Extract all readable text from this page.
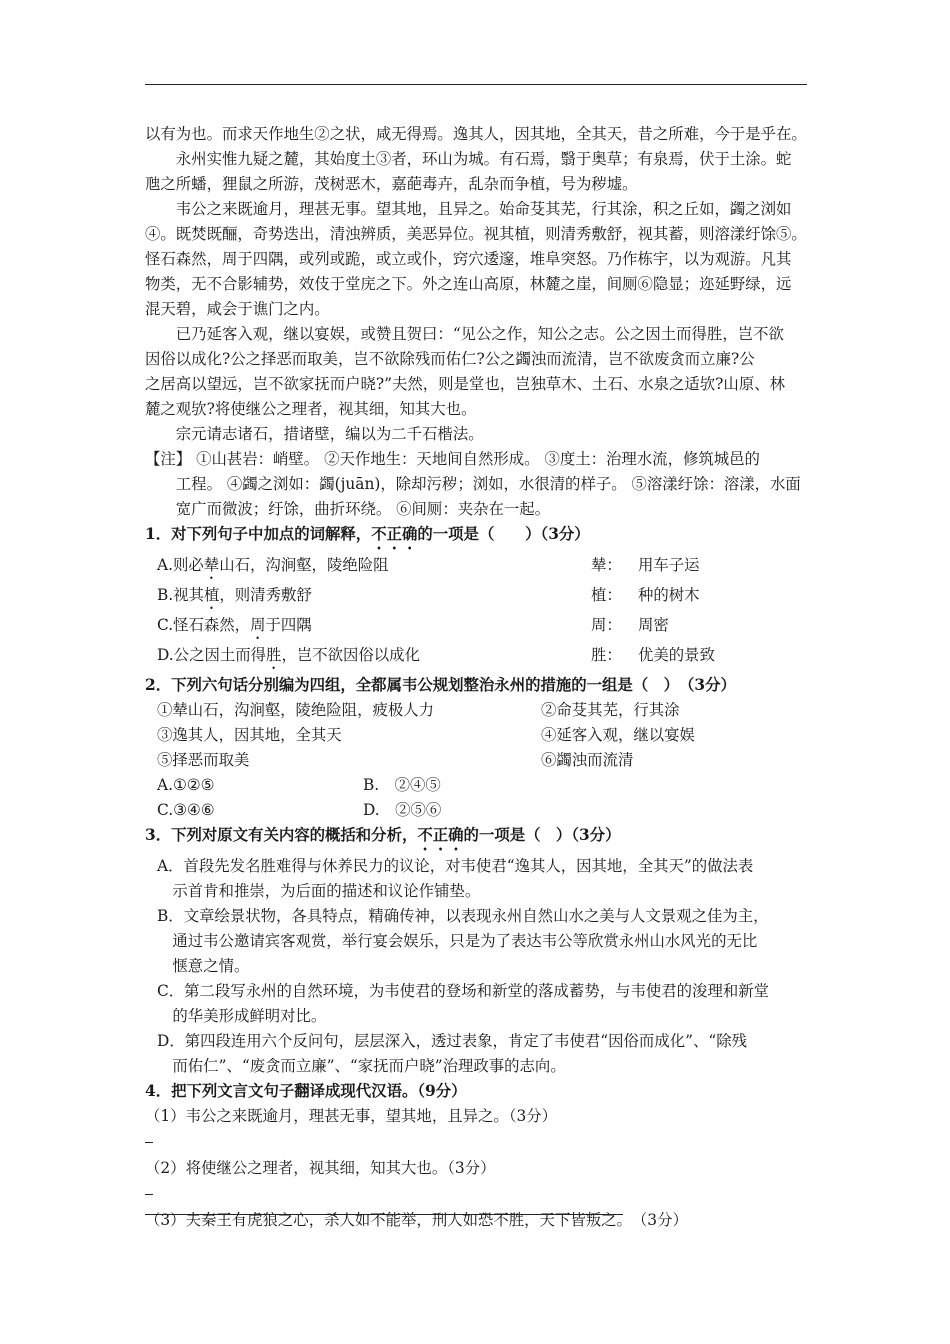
以有为也。而求天作地生②之状，咸无得焉。逸其人，因其地，全其天，昔之所难，今于是乎在。
　　永州实惟九疑之麓，其始度土③者，环山为城。有石焉，翳于奥草；有泉焉，伏于土涂。蛇
虺之所蟠，狸鼠之所游，茂树恶木，嘉葩毒卉，乱杂而争植，号为秽墟。
　　韦公之来既逾月，理甚无事。望其地，且异之。始命芟其芜，行其涂，积之丘如，蠲之浏如
④。既焚既酾，奇势迭出，清浊辨质，美恶异位。视其植，则清秀敷舒，视其蓄，则溶漾纡馀⑤。
怪石森然，周于四隅，或列或跪，或立或仆，窍穴逶邃，堆阜突怒。乃作栋宇，以为观游。凡其
物类，无不合影辅势，效伎于堂庑之下。外之连山高原，林麓之崖，间厕⑥隐显；迩延野绿，远
混天碧，咸会于谯门之内。
　　已乃延客入观，继以宴娱，或赞且贺曰：“见公之作，知公之志。公之因土而得胜，岂不欲
因俗以成化?公之择恶而取美，岂不欲除残而佑仁?公之蠲浊而流清，岂不欲废贪而立廉?公
之居高以望远，岂不欲家抚而户晓?”夫然，则是堂也，岂独草木、土石、水泉之适欤?山原、林
麓之观欤?将使继公之理者，视其细，知其大也。
　　宗元请志诸石，措诸壁，编以为二千石楷法。
【注】 ①山甚岩：峭壁。 ②天作地生：天地间自然形成。 ③度土：治理水流，修筑城邑的
　　工程。 ④蠲之浏如：蠲(juān)，除却污秽；浏如，水很清的样子。 ⑤溶漾纡馀：溶漾，水面
　　宽广而微波；纡馀，曲折环绕。 ⑥间厕：夹杂在一起。
1．对下列句子中加点的词解释，不正确的一项是（　　）（3分）
A.则必辇山石，沟涧壑，陵绝险阻	辇：	用车子运
B.视其植，则清秀敷舒	植：	种的树木
C.怪石森然，周于四隅	周：	周密
D.公之因土而得胜，岂不欲因俗以成化	胜：	优美的景致
2．下列六句话分别编为四组，全都属韦公规划整治永州的措施的一组是（　）　（3分）
①辇山石，沟涧壑，陵绝险阻，疲极人力	②命芟其芜，行其涂
③逸其人，因其地，全其天	④延客入观，继以宴娱
⑤择恶而取美	⑥蠲浊而流清
A.①②⑤	B.　②④⑤
C.③④⑥	D.　②⑤⑥
3．下列对原文有关内容的概括和分析，不正确的一项是（　）（3分）
A．首段先发名胜难得与休养民力的议论，对韦使君“逸其人，因其地，全其天”的做法表
　示首肯和推崇，为后面的描述和议论作铺垫。
B．文章绘景状物，各具特点，精确传神，以表现永州自然山水之美与人文景观之佳为主，
　通过韦公邀请宾客观赏，举行宴会娱乐，只是为了表达韦公等欣赏永州山水风光的无比
　惬意之情。
C．第二段写永州的自然环境，为韦使君的登场和新堂的落成蓄势，与韦使君的浚理和新堂
　的华美形成鲜明对比。
D．第四段连用六个反问句，层层深入，透过表象，肯定了韦使君“因俗而成化”、“除残
　而佑仁”、“废贪而立廉”、“家抚而户晓”治理政事的志向。
4．把下列文言文句子翻译成现代汉语。（9分）
（1）韦公之来既逾月，理甚无事，望其地，且异之。（3分）
（2）将使继公之理者，视其细，知其大也。（3分）
（3）夫秦王有虎狼之心，杀人如不能举，刑人如恐不胜，天下皆叛之。　（3分）
